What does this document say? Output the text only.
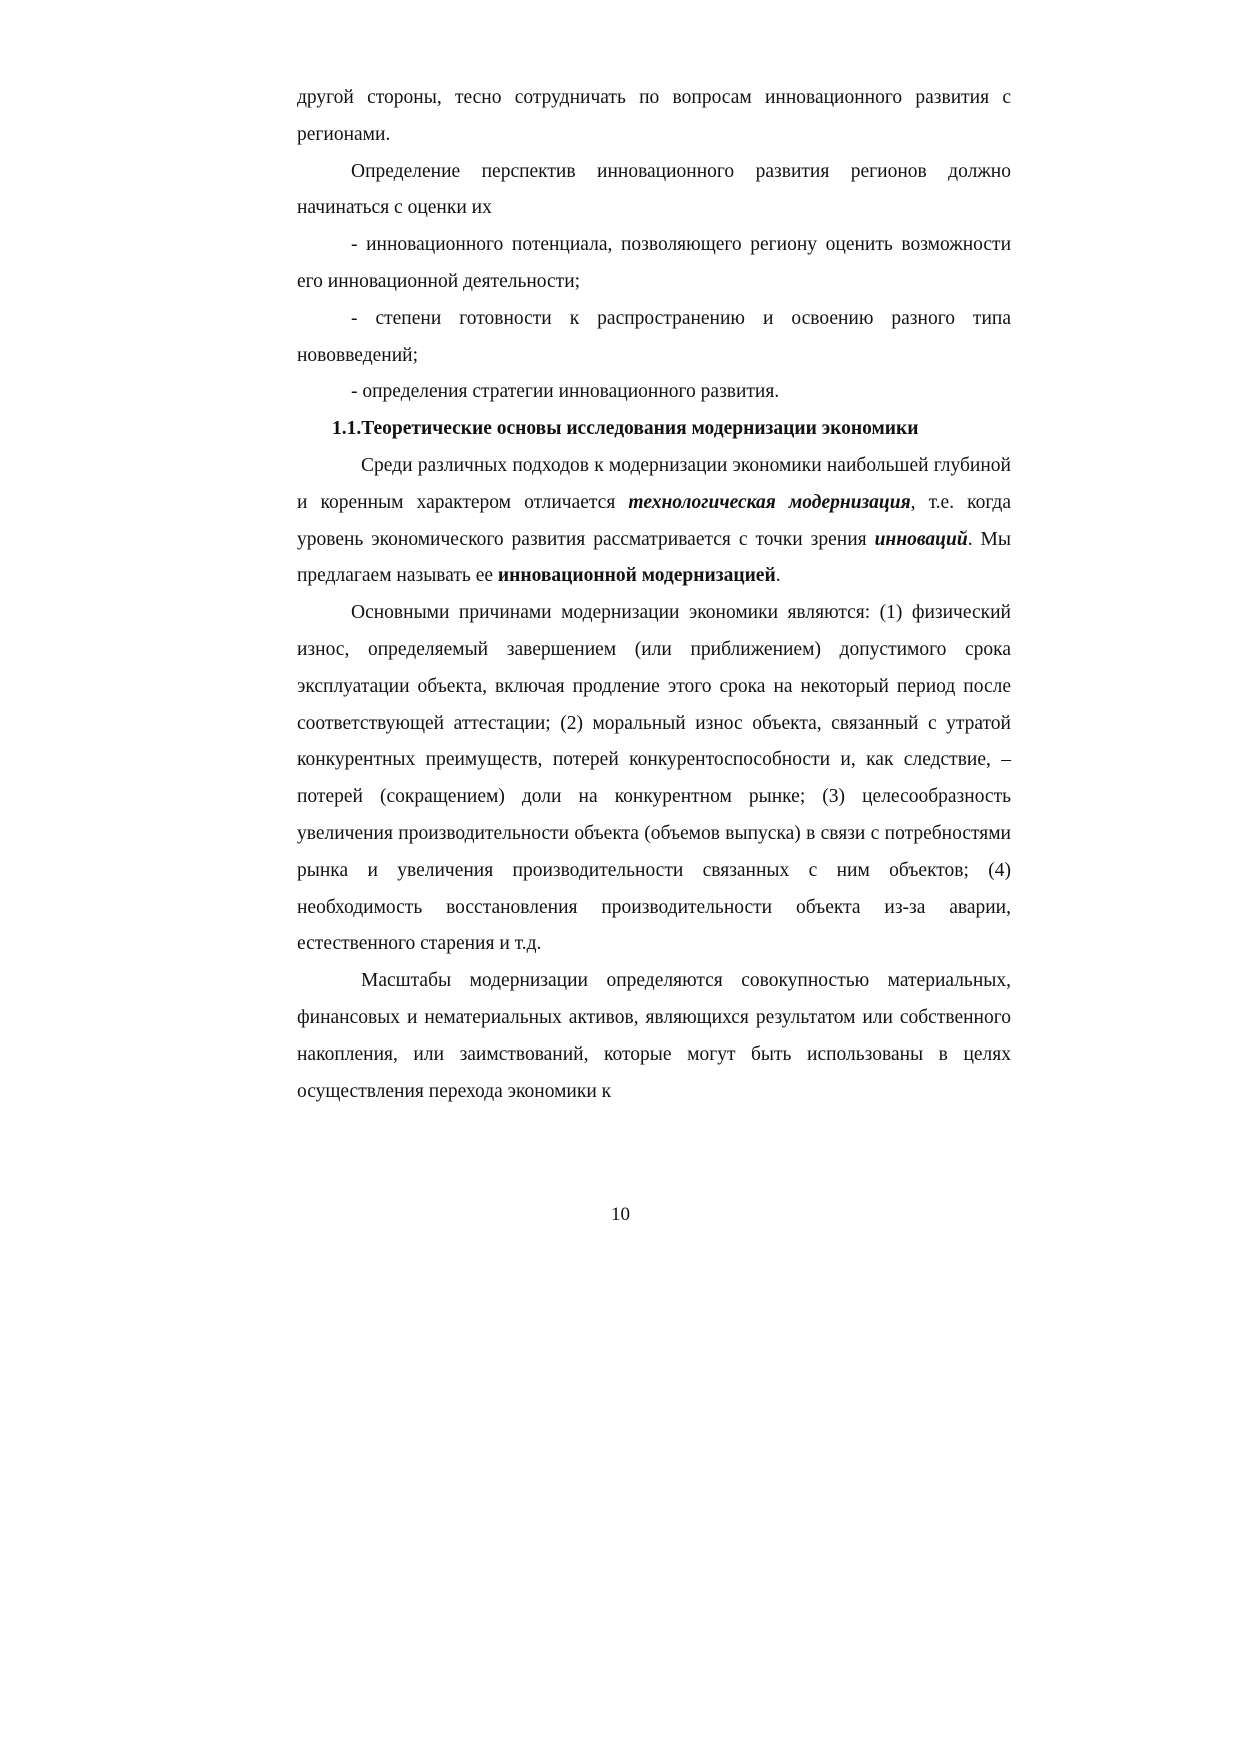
другой стороны, тесно сотрудничать по вопросам инновационного развития с регионами.

Определение перспектив инновационного развития регионов должно начинаться с оценки их

- инновационного потенциала, позволяющего региону оценить возможности его инновационной деятельности;

- степени готовности к распространению и освоению разного типа нововведений;

- определения стратегии инновационного развития.

1.1.Теоретические основы исследования модернизации экономики

Среди различных подходов к модернизации экономики наибольшей глубиной и коренным характером отличается технологическая модернизация, т.е. когда уровень экономического развития рассматривается с точки зрения инноваций. Мы предлагаем называть ее инновационной модернизацией.

Основными причинами модернизации экономики являются: (1) физический износ, определяемый завершением (или приближением) допустимого срока эксплуатации объекта, включая продление этого срока на некоторый период после соответствующей аттестации; (2) моральный износ объекта, связанный с утратой конкурентных преимуществ, потерей конкурентоспособности и, как следствие, – потерей (сокращением) доли на конкурентном рынке; (3) целесообразность увеличения производительности объекта (объемов выпуска) в связи с потребностями рынка и увеличения производительности связанных с ним объектов; (4) необходимость восстановления производительности объекта из-за аварии, естественного старения и т.д.

Масштабы модернизации определяются совокупностью материальных, финансовых и нематериальных активов, являющихся результатом или собственного накопления, или заимствований, которые могут быть использованы в целях осуществления перехода экономики к

10
